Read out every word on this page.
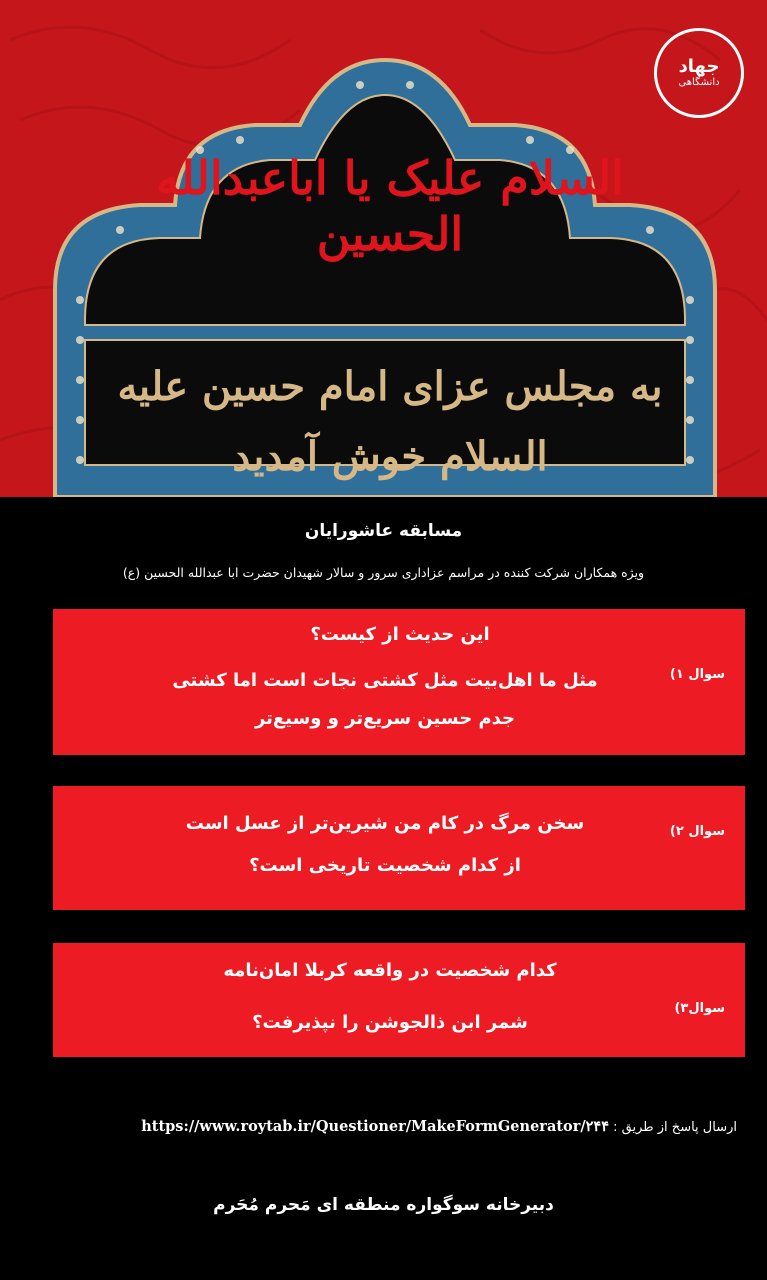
جهاد
دانشگاهی
السلام علیک یا اباعبدالله الحسین
به مجلس عزای امام حسین علیه السلام خوش آمدید
مسابقه عاشورایان
ویژه همکاران شرکت کننده در مراسم عزاداری سرور و سالار شهیدان حضرت ابا عبدالله الحسین (ع)
سوال ۱)
این حدیث از کیست؟
مثل ما اهل‌بیت مثل کشتی نجات است اما کشتی
جدم حسین سریع‌تر و وسیع‌تر
سوال ۲)
سخن مرگ در کام من شیرین‌تر از عسل است
از کدام شخصیت تاریخی است؟
سوال۳)
کدام شخصیت در واقعه کربلا امان‌نامه
شمر ابن ذالجوشن را نپذیرفت؟
ارسال پاسخ از طریق : https://www.roytab.ir/Questioner/MakeFormGenerator/۲۴۴
دبیرخانه سوگواره منطقه ای مَحرم مُحَرم
